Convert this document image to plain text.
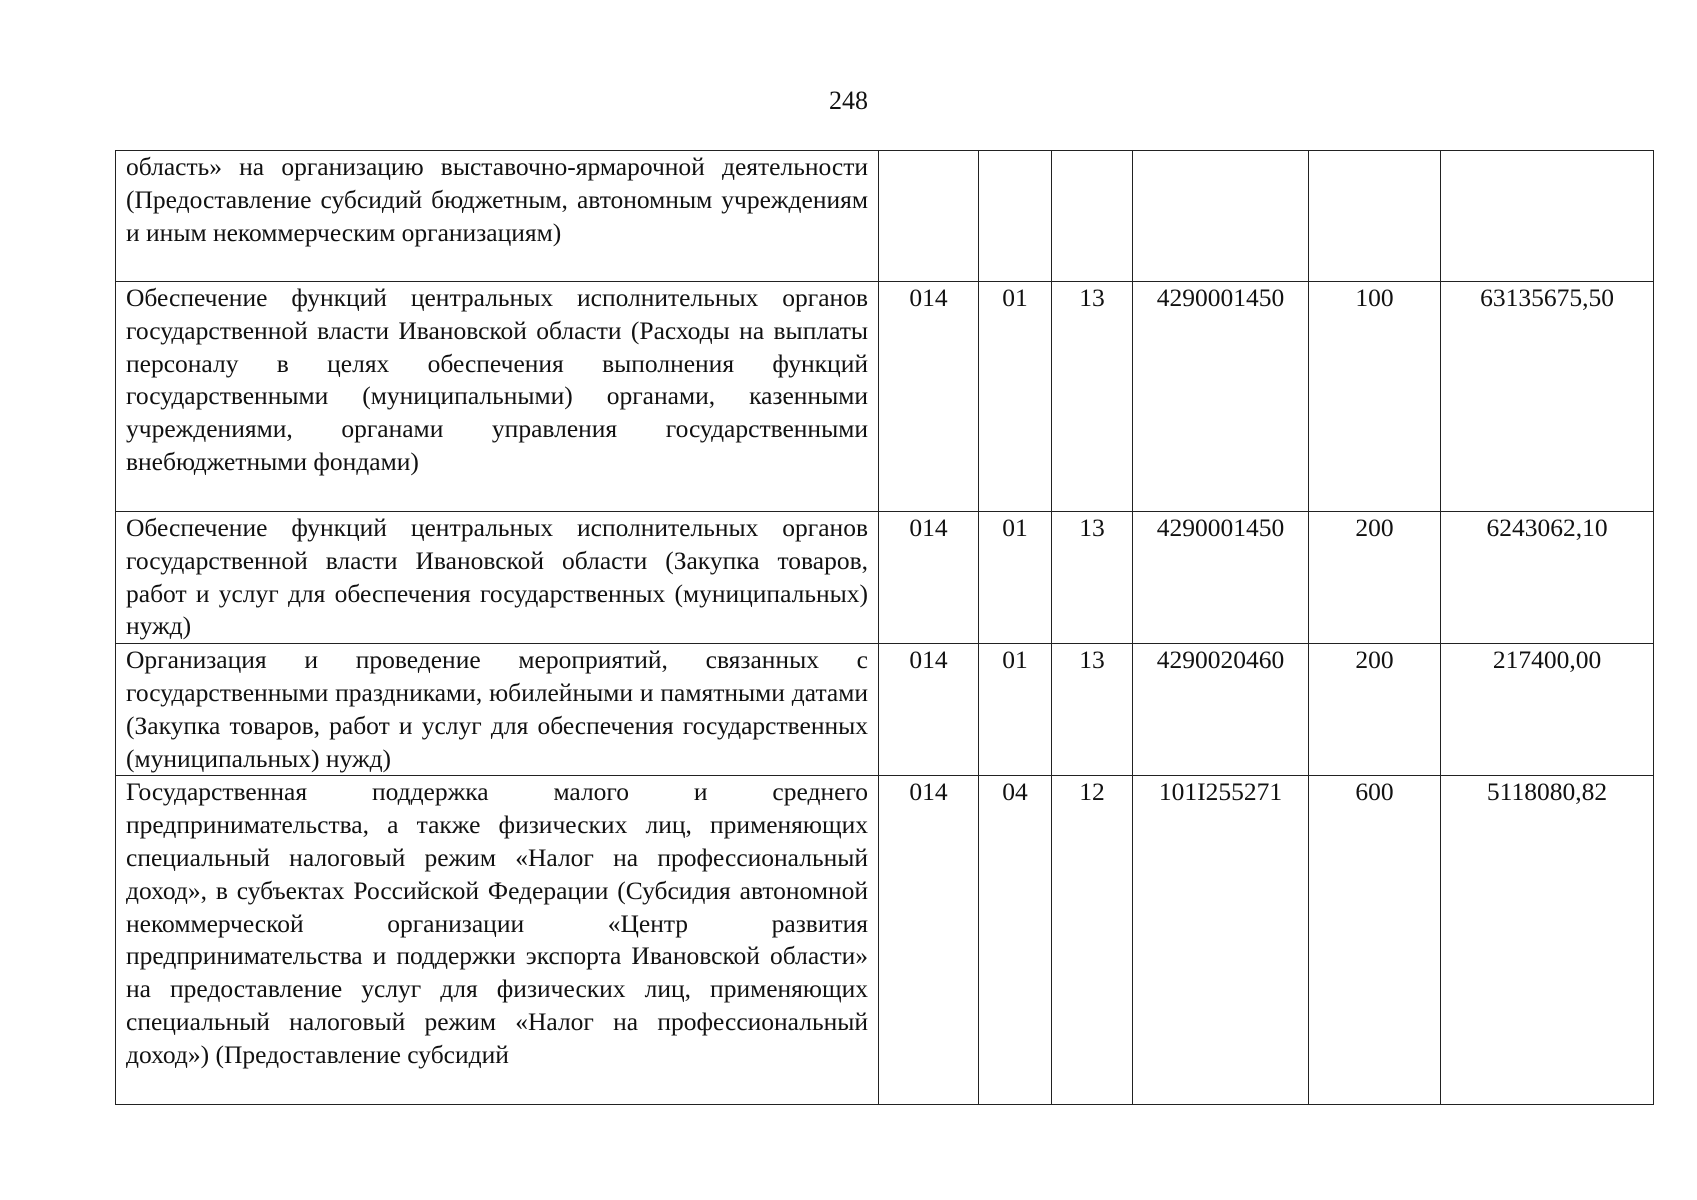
248
область» на организацию выставочно-ярмарочной деятельности (Предоставление субсидий бюджетным, автономным учреждениям и иным некоммерческим организациям)						
Обеспечение функций центральных исполнительных органов государственной власти Ивановской области (Расходы на выплаты персоналу в целях обеспечения выполнения функций государственными (муниципальными) органами, казенными учреждениями, органами управления государственными внебюджетными фондами)	014	01	13	4290001450	100	63135675,50
Обеспечение функций центральных исполнительных органов государственной власти Ивановской области (Закупка товаров, работ и услуг для обеспечения государственных (муниципальных) нужд)	014	01	13	4290001450	200	6243062,10
Организация и проведение мероприятий, связанных с государственными праздниками, юбилейными и памятными датами (Закупка товаров, работ и услуг для обеспечения государственных (муниципальных) нужд)	014	01	13	4290020460	200	217400,00
Государственная поддержка малого и среднего предпринимательства, а также физических лиц, применяющих специальный налоговый режим «Налог на профессиональный доход», в субъектах Российской Федерации (Субсидия автономной некоммерческой организации «Центр развития предпринимательства и поддержки экспорта Ивановской области» на предоставление услуг для физических лиц, применяющих специальный налоговый режим «Налог на профессиональный доход») (Предоставление субсидий	014	04	12	101I255271	600	5118080,82
